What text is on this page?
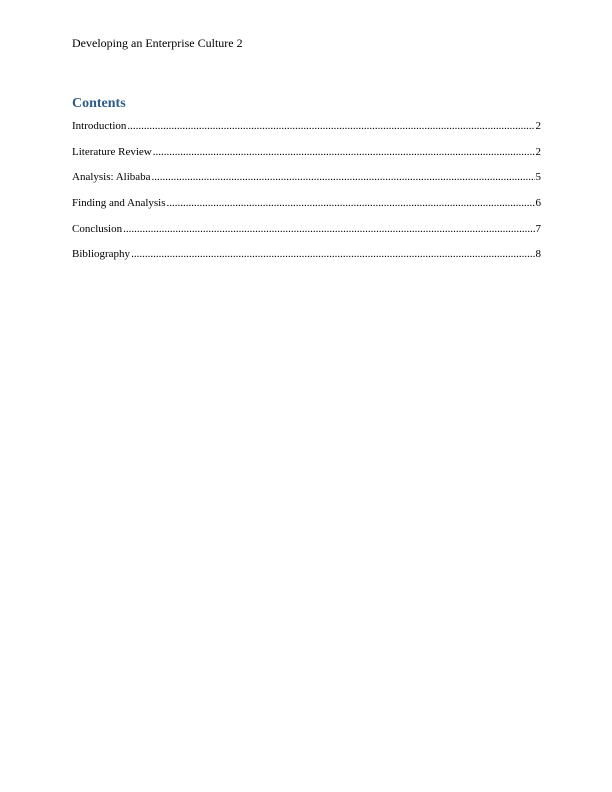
Developing an Enterprise Culture 2
Contents
Introduction .....	2
Literature Review .....	2
Analysis: Alibaba .....	5
Finding and Analysis .....	6
Conclusion .....	7
Bibliography .....	8
